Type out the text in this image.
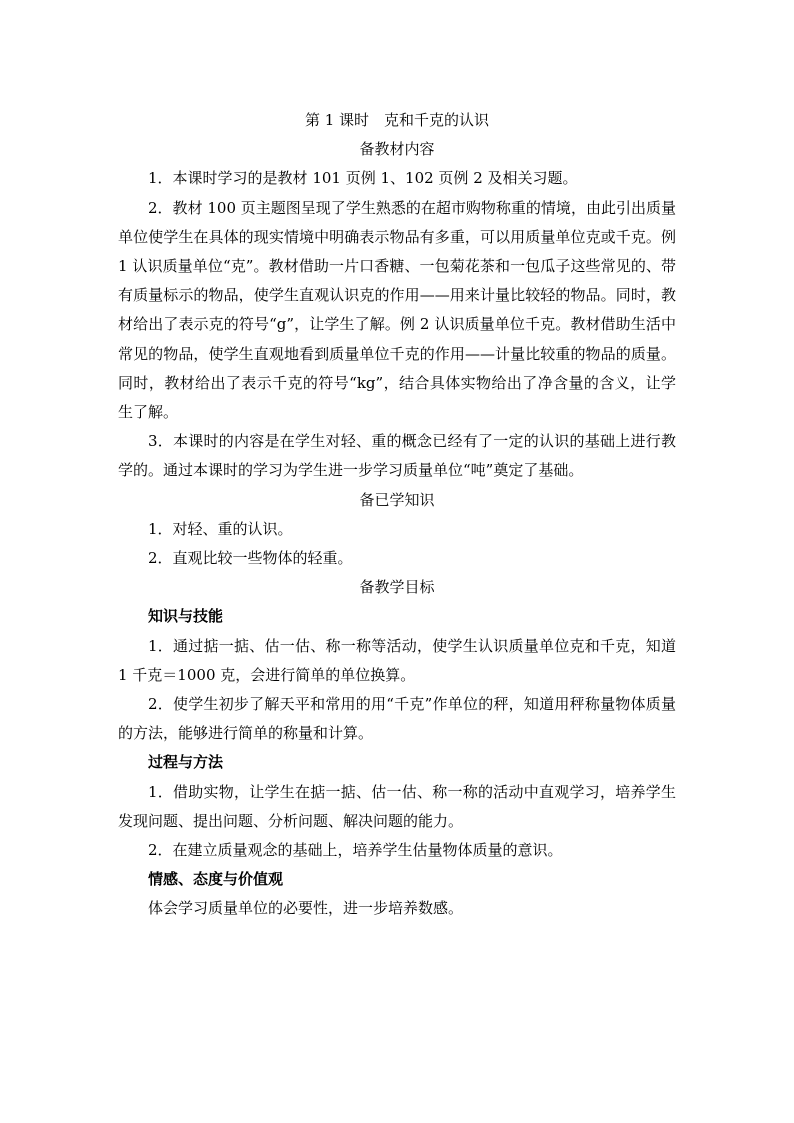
第 1 课时　克和千克的认识
备教材内容

1．本课时学习的是教材 101 页例 1、102 页例 2 及相关习题。

2．教材 100 页主题图呈现了学生熟悉的在超市购物称重的情境，由此引出质量单位使学生在具体的现实情境中明确表示物品有多重，可以用质量单位克或千克。例 1 认识质量单位“克”。教材借助一片口香糖、一包菊花茶和一包瓜子这些常见的、带有质量标示的物品，使学生直观认识克的作用——用来计量比较轻的物品。同时，教材给出了表示克的符号“g”，让学生了解。例 2 认识质量单位千克。教材借助生活中常见的物品，使学生直观地看到质量单位千克的作用——计量比较重的物品的质量。同时，教材给出了表示千克的符号“kg”，结合具体实物给出了净含量的含义，让学生了解。

3．本课时的内容是在学生对轻、重的概念已经有了一定的认识的基础上进行教学的。通过本课时的学习为学生进一步学习质量单位“吨”奠定了基础。

备已学知识

1．对轻、重的认识。

2．直观比较一些物体的轻重。

备教学目标
知识与技能

1．通过掂一掂、估一估、称一称等活动，使学生认识质量单位克和千克，知道 1 千克＝1000 克，会进行简单的单位换算。

2．使学生初步了解天平和常用的用“千克”作单位的秤，知道用秤称量物体质量的方法，能够进行简单的称量和计算。

过程与方法

1．借助实物，让学生在掂一掂、估一估、称一称的活动中直观学习，培养学生发现问题、提出问题、分析问题、解决问题的能力。

2．在建立质量观念的基础上，培养学生估量物体质量的意识。

情感、态度与价值观

体会学习质量单位的必要性，进一步培养数感。
